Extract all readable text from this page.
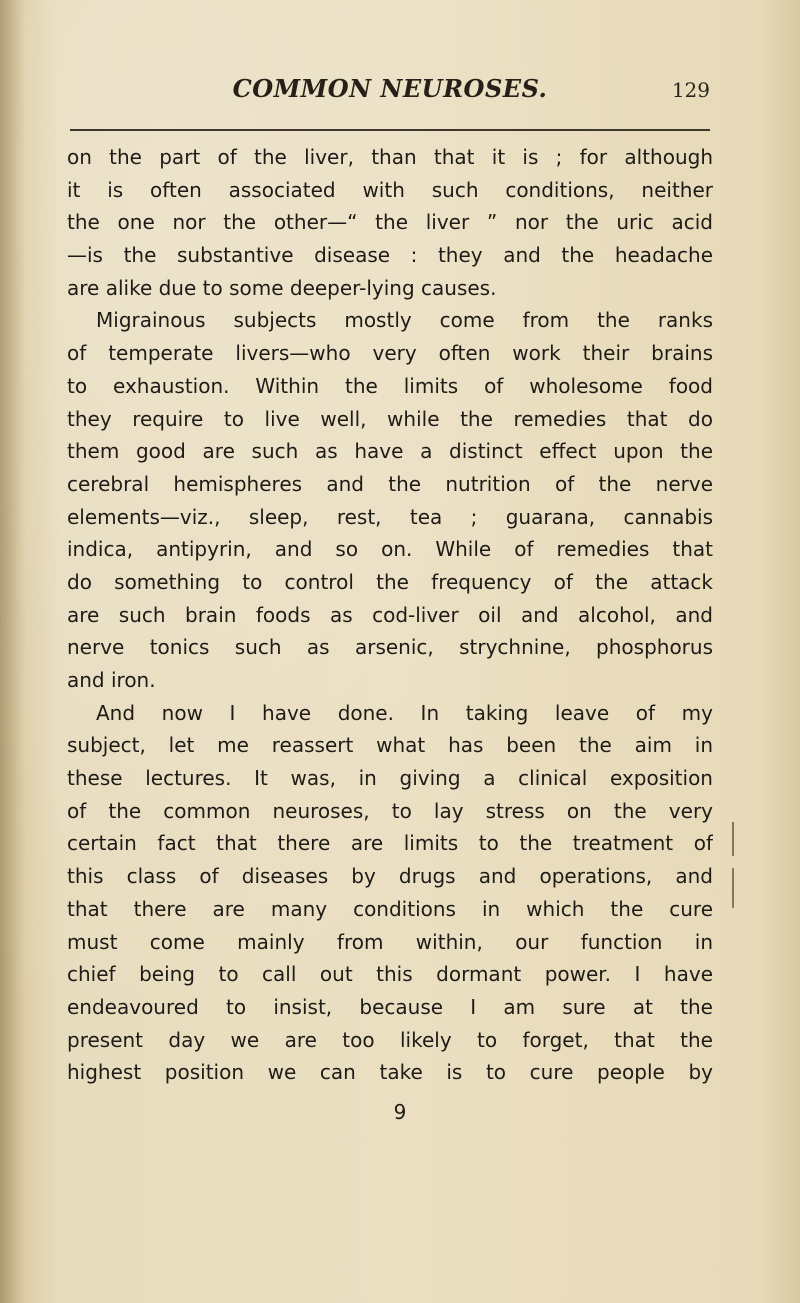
COMMON NEUROSES.	129
on the part of the liver, than that it is ; for although
it is often associated with such conditions, neither
the one nor the other—“ the liver ” nor the uric acid
—is the substantive disease : they and the headache
are alike due to some deeper-lying causes.
Migrainous subjects mostly come from the ranks
of temperate livers—who very often work their brains
to exhaustion. Within the limits of wholesome food
they require to live well, while the remedies that do
them good are such as have a distinct effect upon the
cerebral hemispheres and the nutrition of the nerve
elements—viz., sleep, rest, tea ; guarana, cannabis
indica, antipyrin, and so on. While of remedies that
do something to control the frequency of the attack
are such brain foods as cod-liver oil and alcohol, and
nerve tonics such as arsenic, strychnine, phosphorus
and iron.
And now I have done. In taking leave of my
subject, let me reassert what has been the aim in
these lectures. It was, in giving a clinical exposition
of the common neuroses, to lay stress on the very
certain fact that there are limits to the treatment of
this class of diseases by drugs and operations, and
that there are many conditions in which the cure
must come mainly from within, our function in
chief being to call out this dormant power. I have
endeavoured to insist, because I am sure at the
present day we are too likely to forget, that the
highest position we can take is to cure people by
9
